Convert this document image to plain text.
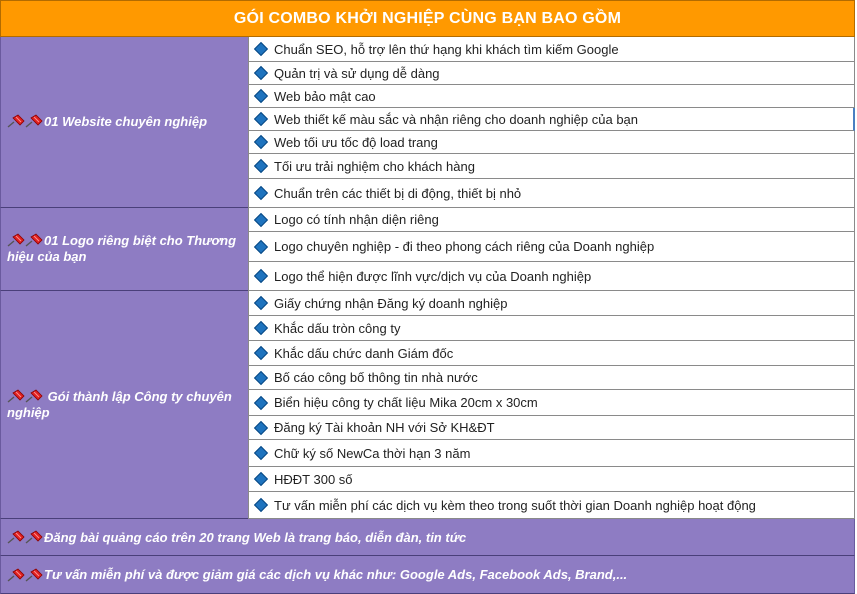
GÓI COMBO KHỞI NGHIỆP CÙNG BẠN BAO GỒM
01 Website chuyên nghiệp
Chuẩn SEO, hỗ trợ lên thứ hạng khi khách tìm kiếm Google
Quản trị và sử dụng dễ dàng
Web bảo mật cao
Web thiết kế màu sắc và nhận riêng cho doanh nghiệp của bạn
Web tối ưu tốc độ load trang
Tối ưu trải nghiệm cho khách hàng
Chuẩn trên các thiết bị di động, thiết bị nhỏ
01 Logo riêng biệt cho Thương hiệu của bạn
Logo có tính nhận diện riêng
Logo chuyên nghiệp - đi theo phong cách riêng của Doanh nghiệp
Logo thể hiện được lĩnh vực/dịch vụ của Doanh nghiệp
Gói thành lập Công ty chuyên nghiệp
Giấy chứng nhận Đăng ký doanh nghiệp
Khắc dấu tròn công ty
Khắc dấu chức danh Giám đốc
Bố cáo công bố thông tin nhà nước
Biển hiệu công ty chất liệu Mika 20cm x 30cm
Đăng ký Tài khoản NH với Sở KH&ĐT
Chữ ký số NewCa thời hạn 3 năm
HĐĐT 300 số
Tư vấn miễn phí các dịch vụ kèm theo trong suốt thời gian Doanh nghiệp hoạt động
Đăng bài quảng cáo trên 20 trang Web là trang báo, diễn đàn, tin tức
Tư vấn miễn phí và được giảm giá các dịch vụ khác như: Google Ads, Facebook Ads, Brand,...
